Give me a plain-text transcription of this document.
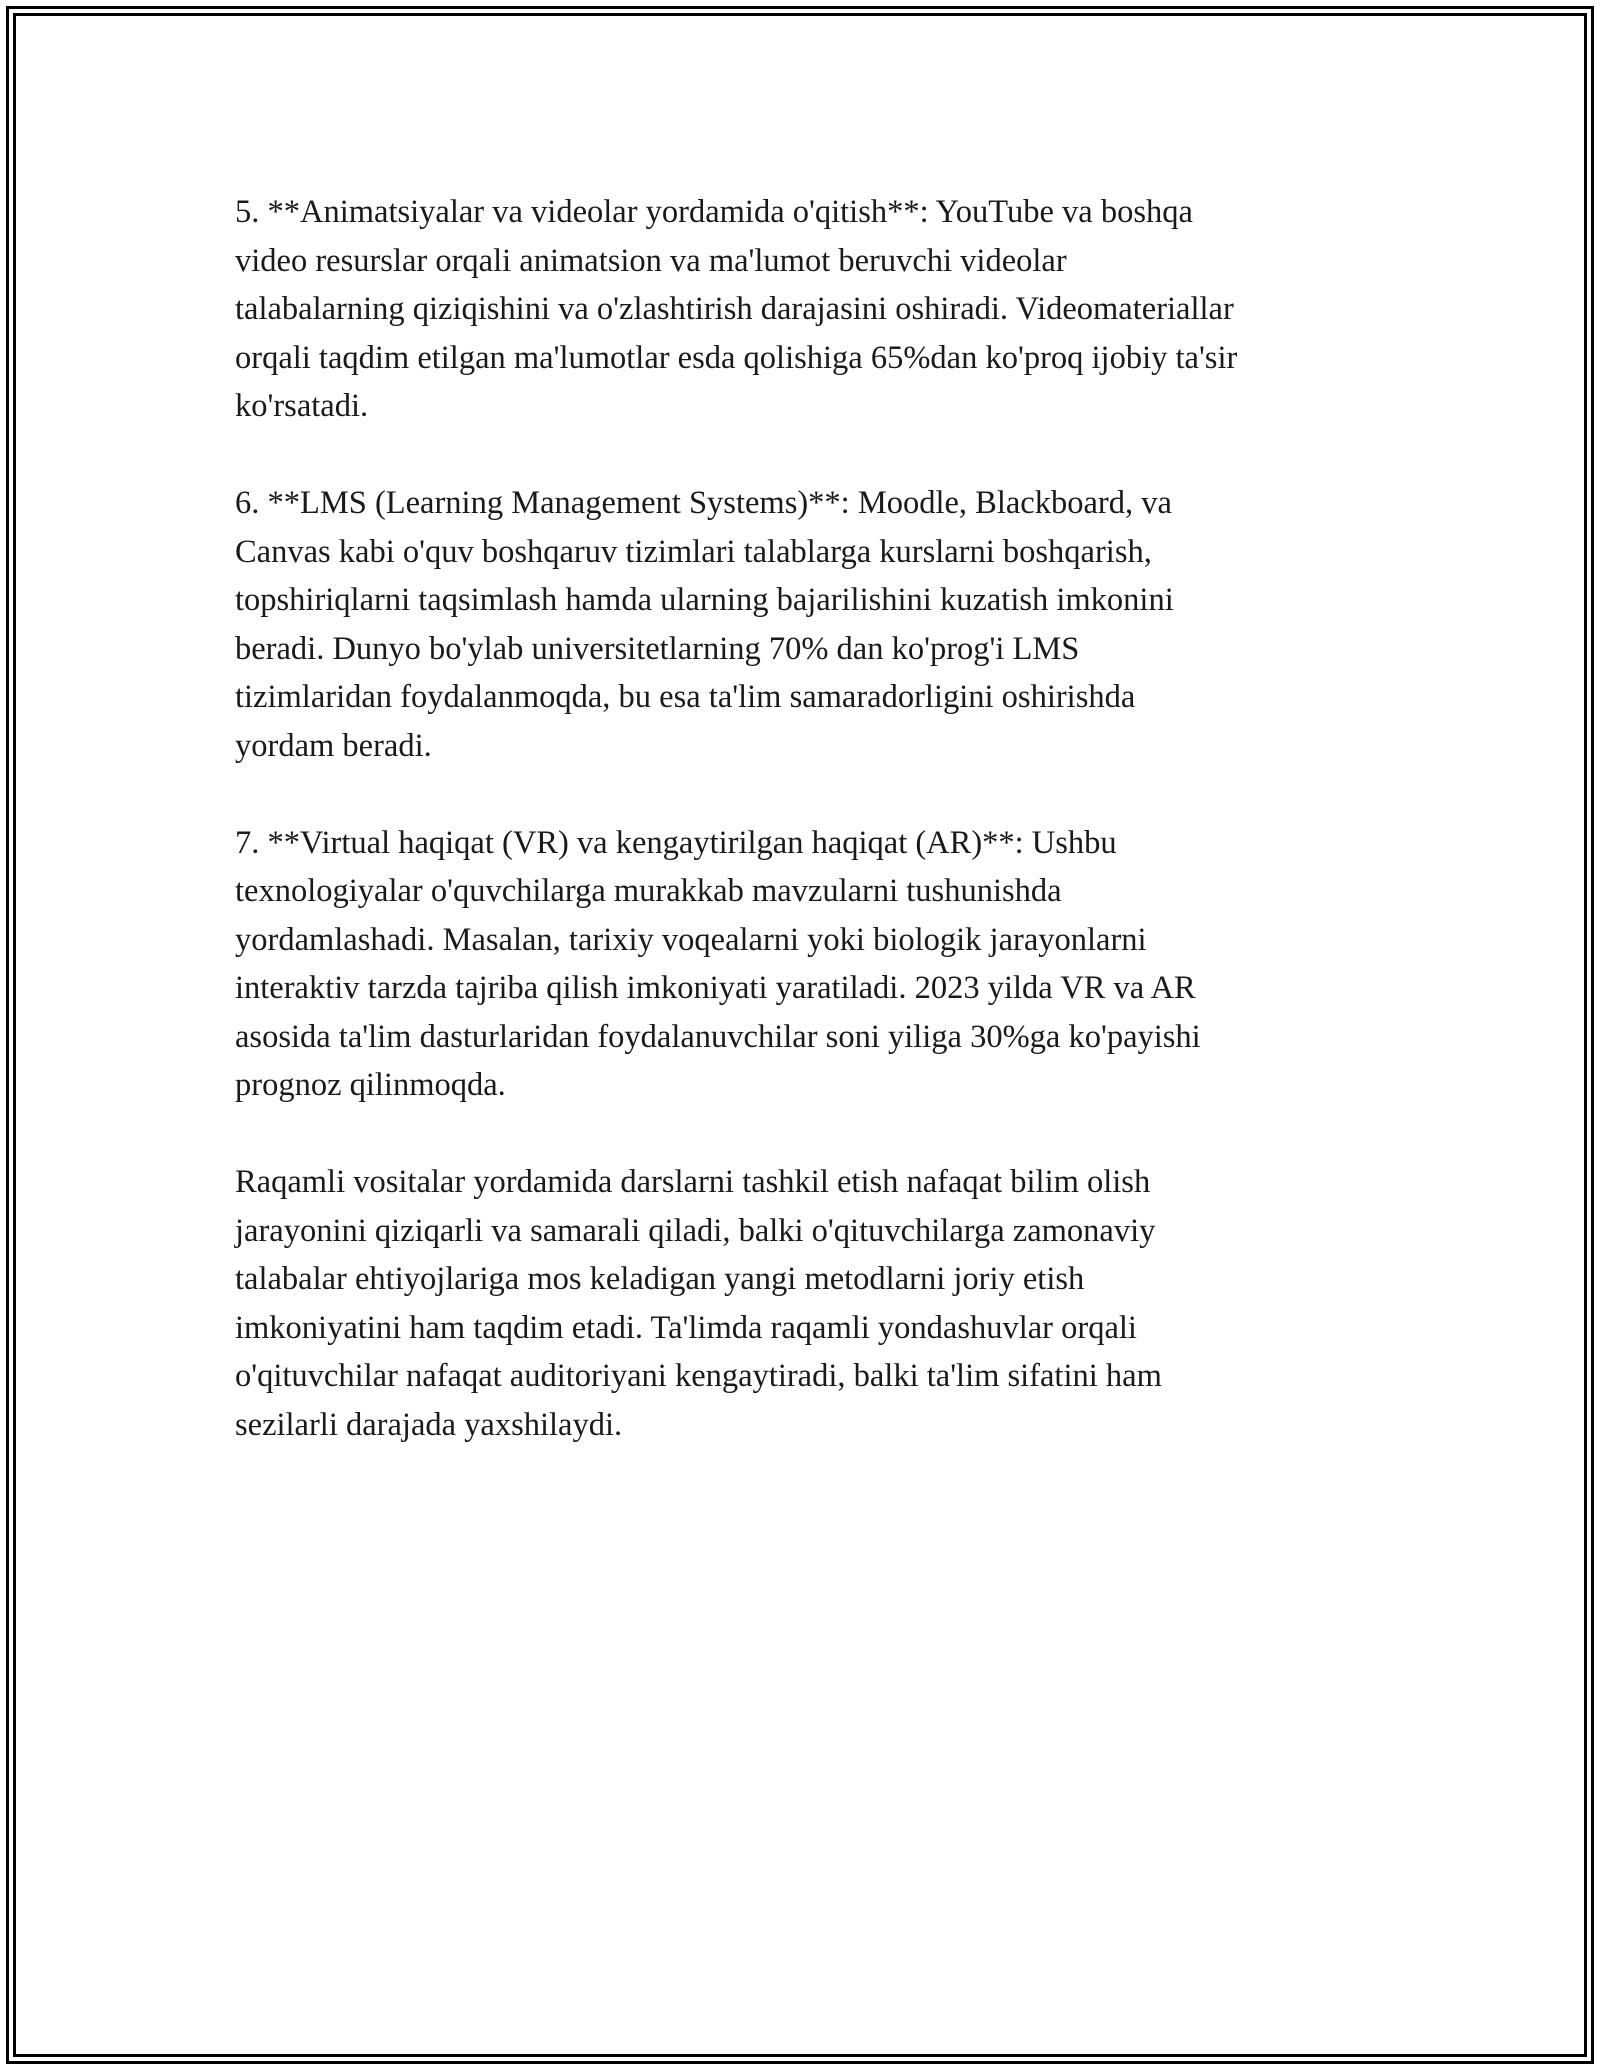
5. **Animatsiyalar va videolar yordamida o'qitish**: YouTube va boshqa
video resurslar orqali animatsion va ma'lumot beruvchi videolar
talabalarning qiziqishini va o'zlashtirish darajasini oshiradi. Videomateriallar
orqali taqdim etilgan ma'lumotlar esda qolishiga 65%dan ko'proq ijobiy ta'sir
ko'rsatadi.

6. **LMS (Learning Management Systems)**: Moodle, Blackboard, va
Canvas kabi o'quv boshqaruv tizimlari talablarga kurslarni boshqarish,
topshiriqlarni taqsimlash hamda ularning bajarilishini kuzatish imkonini
beradi. Dunyo bo'ylab universitetlarning 70% dan ko'prog'i LMS
tizimlaridan foydalanmoqda, bu esa ta'lim samaradorligini oshirishda
yordam beradi.

7. **Virtual haqiqat (VR) va kengaytirilgan haqiqat (AR)**: Ushbu
texnologiyalar o'quvchilarga murakkab mavzularni tushunishda
yordamlashadi. Masalan, tarixiy voqealarni yoki biologik jarayonlarni
interaktiv tarzda tajriba qilish imkoniyati yaratiladi. 2023 yilda VR va AR
asosida ta'lim dasturlaridan foydalanuvchilar soni yiliga 30%ga ko'payishi
prognoz qilinmoqda.

Raqamli vositalar yordamida darslarni tashkil etish nafaqat bilim olish
jarayonini qiziqarli va samarali qiladi, balki o'qituvchilarga zamonaviy
talabalar ehtiyojlariga mos keladigan yangi metodlarni joriy etish
imkoniyatini ham taqdim etadi. Ta'limda raqamli yondashuvlar orqali
o'qituvchilar nafaqat auditoriyani kengaytiradi, balki ta'lim sifatini ham
sezilarli darajada yaxshilaydi.
